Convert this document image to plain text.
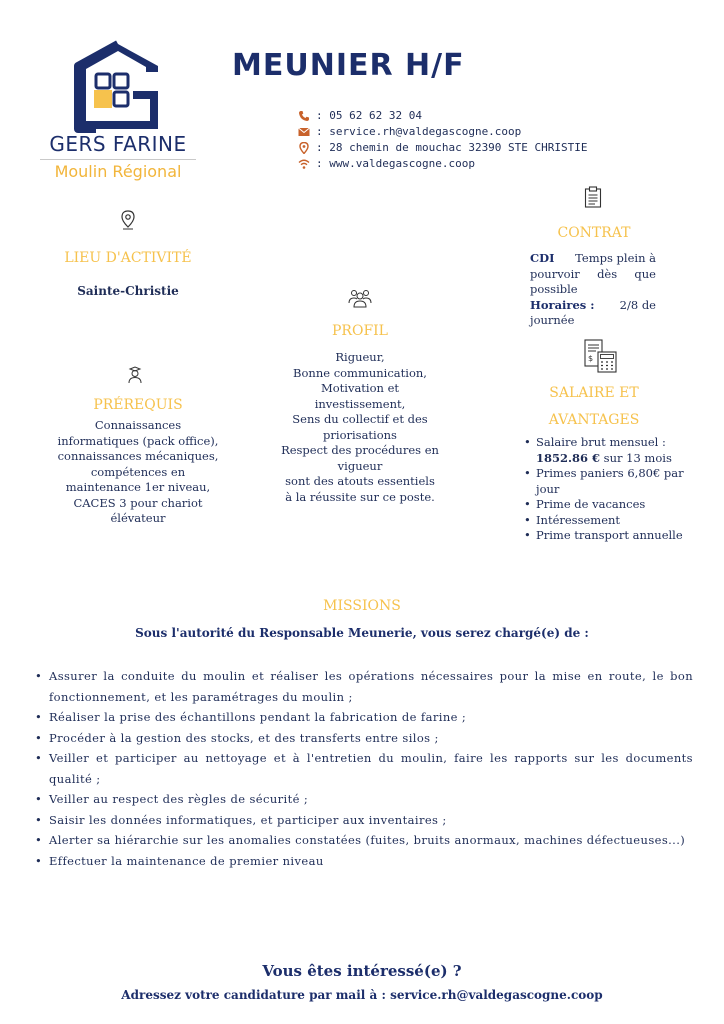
GERS FARINE
Moulin Régional
MEUNIER H/F
: 05 62 62 32 04
: service.rh@valdegascogne.coop
: 28 chemin de mouchac 32390 STE CHRISTIE
: www.valdegascogne.coop
LIEU D'ACTIVITÉ
Sainte-Christie
PRÉREQUIS
Connaissances
informatiques (pack office),
connaissances mécaniques,
compétences en
maintenance 1er niveau,
CACES 3 pour chariot
élévateur
PROFIL
Rigueur,
Bonne communication,
Motivation et
investissement,
Sens du collectif et des
priorisations
Respect des procédures en
vigueur
sont des atouts essentiels
à la réussite sur ce poste.
CONTRAT
CDI Temps plein à
pourvoir dès que
possible
Horaires : 2/8 de
journée
$
SALAIRE ET
AVANTAGES
• Salaire brut mensuel :
1852.86 € sur 13 mois
• Primes paniers 6,80€ par jour
• Prime de vacances
• Intéressement
• Prime transport annuelle
MISSIONS
Sous l'autorité du Responsable Meunerie, vous serez chargé(e) de :
• Assurer la conduite du moulin et réaliser les opérations nécessaires pour la mise en route, le bon fonctionnement, et les paramétrages du moulin ;
• Réaliser la prise des échantillons pendant la fabrication de farine ;
• Procéder à la gestion des stocks, et des transferts entre silos ;
• Veiller et participer au nettoyage et à l'entretien du moulin, faire les rapports sur les documents qualité ;
• Veiller au respect des règles de sécurité ;
• Saisir les données informatiques, et participer aux inventaires ;
• Alerter sa hiérarchie sur les anomalies constatées (fuites, bruits anormaux, machines défectueuses...)
• Effectuer la maintenance de premier niveau
Vous êtes intéressé(e) ?
Adressez votre candidature par mail à : service.rh@valdegascogne.coop
